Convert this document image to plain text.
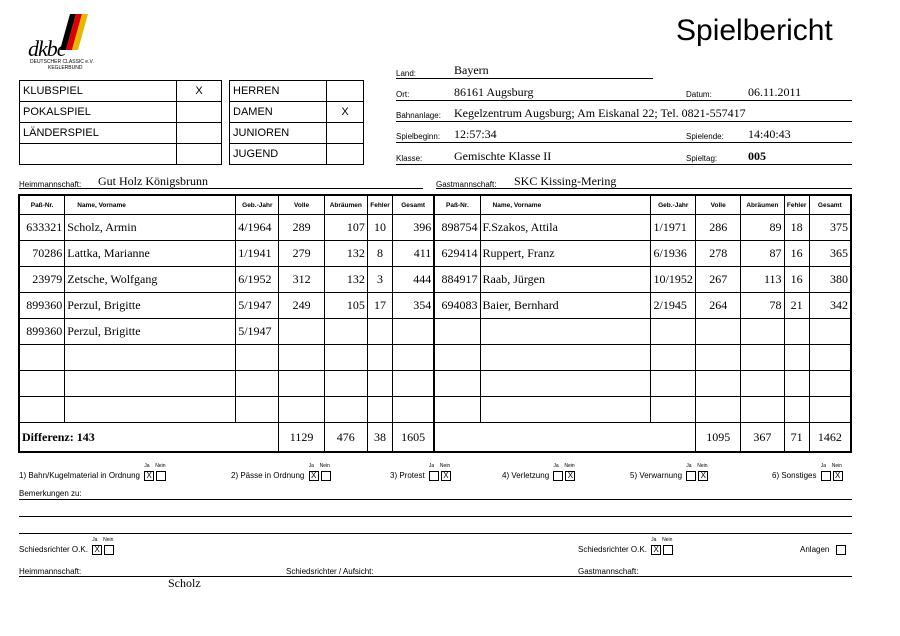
Spielbericht
dkbc
DEUTSCHER CLASSIC e.V.
KEGLERBUND
KLUBSPIEL	X
POKALSPIEL	
LÄNDERSPIEL	

HERREN	
DAMEN	X
JUNIOREN	
JUGEND	
Land:	Bayern
Ort:	86161 Augsburg	Datum:	06.11.2011
Bahnanlage: Kegelzentrum Augsburg; Am Eiskanal 22; Tel. 0821-557417
Spielbeginn: 12:57:34	Spielende: 14:40:43
Klasse:	Gemischte Klasse II	Spieltag:	005
Heimmannschaft: Gut Holz Königsbrunn	Gastmannschaft: SKC Kissing-Mering
Paß-Nr.	Name, Vorname	Geb.-Jahr	Volle	Abräumen	Fehler	Gesamt	Paß-Nr.	Name, Vorname	Geb.-Jahr	Volle	Abräumen	Fehler	Gesamt
633321	Scholz, Armin	4/1964	289	107	10	396	898754	F.Szakos, Attila	1/1971	286	89	18	375
70286	Lattka, Marianne	1/1941	279	132	8	411	629414	Ruppert, Franz	6/1936	278	87	16	365
23979	Zetsche, Wolfgang	6/1952	312	132	3	444	884917	Raab, Jürgen	10/1952	267	113	16	380
899360	Perzul, Brigitte	5/1947	249	105	17	354	694083	Baier, Bernhard	2/1945	264	78	21	342
899360	Perzul, Brigitte	5/1947											

Differenz: 143			1129	476	38	1605				1095	367	71	1462
1) Bahn/Kugelmaterial in Ordnung
Ja Nein
X	2) Pässe in Ordnung
Ja Nein
X	3) Protest
Ja Nein
X	4) Verletzung
Ja Nein
X	5) Verwarnung
Ja Nein
X	6) Sonstiges
Ja Nein
X
Bemerkungen zu:
Schiedsrichter O.K.
Ja Nein
X	Schiedsrichter O.K.
Ja Nein
X	Anlagen
Heimmannschaft:	Schiedsrichter / Aufsicht:	Gastmannschaft:
Scholz
